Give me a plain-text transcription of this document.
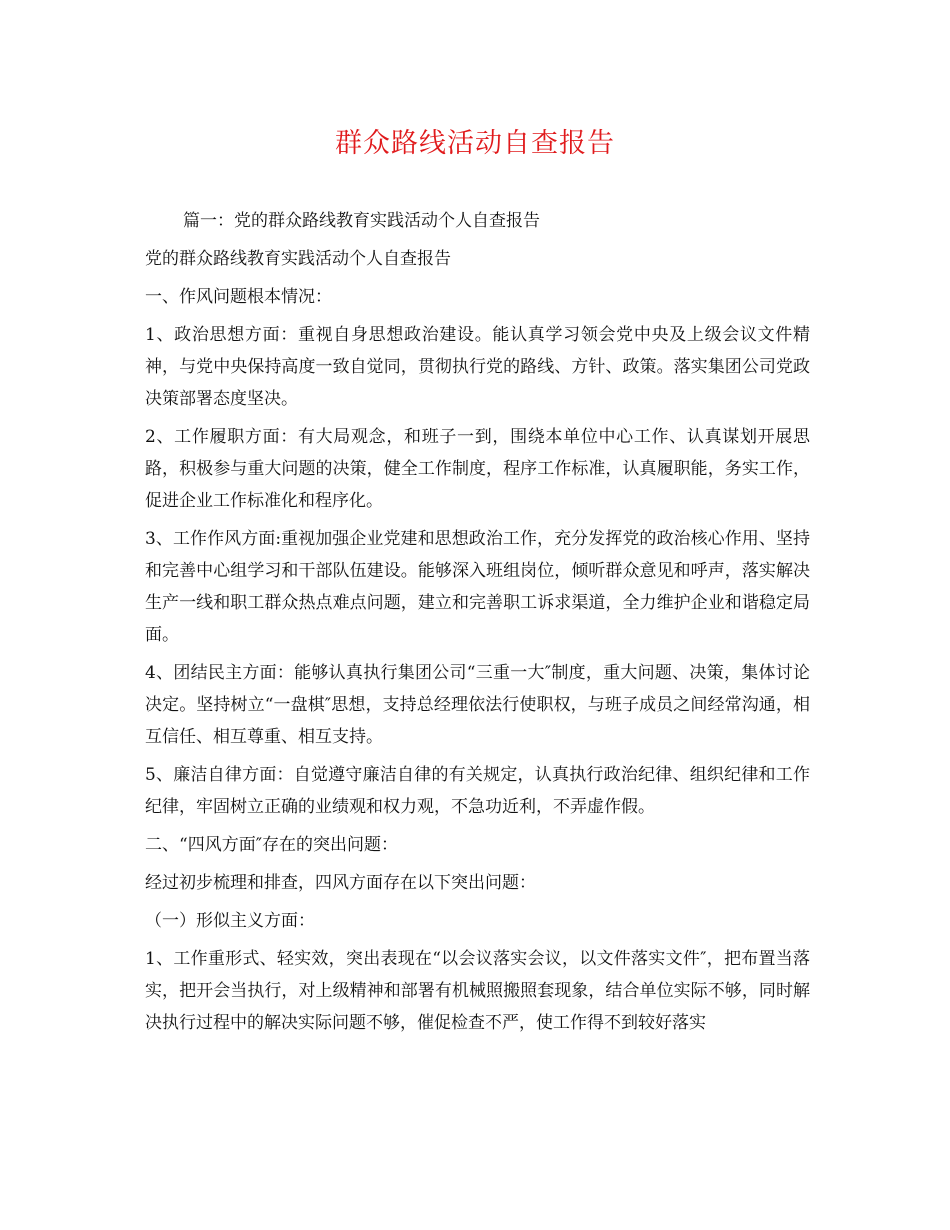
群众路线活动自查报告

篇一：党的群众路线教育实践活动个人自查报告

党的群众路线教育实践活动个人自查报告

一、作风问题根本情况：

1、政治思想方面：重视自身思想政治建设。能认真学习领会党中央及上级会议文件精神，与党中央保持高度一致自觉同，贯彻执行党的路线、方针、政策。落实集团公司党政决策部署态度坚决。

2、工作履职方面：有大局观念，和班子一到，围绕本单位中心工作、认真谋划开展思路，积极参与重大问题的决策，健全工作制度，程序工作标准，认真履职能，务实工作，促进企业工作标准化和程序化。

3、工作作风方面:重视加强企业党建和思想政治工作，充分发挥党的政治核心作用、坚持和完善中心组学习和干部队伍建设。能够深入班组岗位，倾听群众意见和呼声，落实解决生产一线和职工群众热点难点问题，建立和完善职工诉求渠道，全力维护企业和谐稳定局面。

4、团结民主方面：能够认真执行集团公司“三重一大″制度，重大问题、决策，集体讨论决定。坚持树立“一盘棋″思想，支持总经理依法行使职权，与班子成员之间经常沟通，相互信任、相互尊重、相互支持。

5、廉洁自律方面：自觉遵守廉洁自律的有关规定，认真执行政治纪律、组织纪律和工作纪律，牢固树立正确的业绩观和权力观，不急功近利，不弄虚作假。

二、“四风方面″存在的突出问题：

经过初步梳理和排查，四风方面存在以下突出问题：

（一）形似主义方面：

1、工作重形式、轻实效，突出表现在“以会议落实会议，以文件落实文件″，把布置当落实，把开会当执行，对上级精神和部署有机械照搬照套现象，结合单位实际不够，同时解决执行过程中的解决实际问题不够，催促检查不严，使工作得不到较好落实
